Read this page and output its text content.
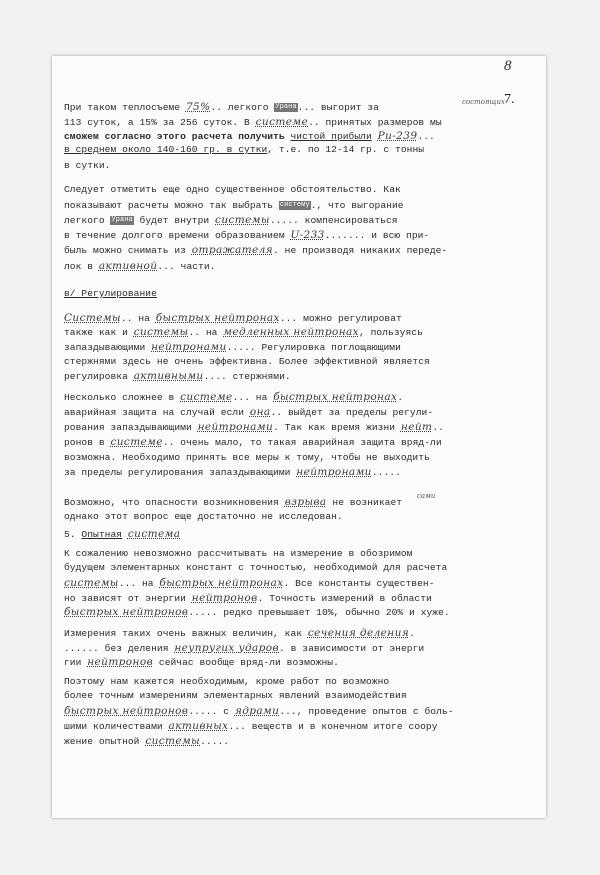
8
7.
При таком теплосъеме 75%.. легкого Урана... выгорит за
113 суток, а 15% за 256 суток. В системе.. принятых размеров мы
сможем согласно этого расчета получить чистой прибыли Pu-239...
в среднем около 140-160 гр. в сутки, т.е. по 12-14 гр. с тонны
в сутки.
Следует отметить еще одно существенное обстоятельство. Как
показывают расчеты можно так выбрать систему., что выгорание
легкого Урана будет внутри системы..... компенсироваться
в течение долгого времени образованием U-233....... и всю при-
быль можно снимать из отражателя. не производя никаких переде-
лок в активной... части.
в/ Регулирование
Системы.. на быстрых нейтронах... можно регулироват
также как и системы.. на медленных нейтронах, пользуясь
запаздывающими нейтронами..... Регулировка поглощающими
стержнями здесь не очень эффективна. Более эффективной является
регулировка активными.... стержнями.
Несколько сложнее в системе... на быстрых нейтронах.
аварийная защита на случай если она.. выйдет за пределы регули-
рования запаздывающими нейтронами. Так как время жизни нейт..
ронов в системе.. очень мало, то такая аварийная защита вряд-ли
возможна. Необходимо принять все меры к тому, чтобы не выходить
за пределы регулирования запаздывающими нейтронами.....
Возможно, что опасности возникновения взрыва не возникает
однако этот вопрос еще достаточно не исследован.
5. Опытная система
К сожалению невозможно рассчитывать на измерение в обозримом
будущем элементарных констант с точностью, необходимой для расчета
системы... на быстрых нейтронах. Все константы существен-
но зависят от энергии нейтронов. Точность измерений в области
быстрых нейтронов..... редко превышает 10%, обычно 20% и хуже.
Измерения таких очень важных величин, как сечения деления.
...... без деления неупругих ударов. в зависимости от энерги
гии нейтронов сейчас вообще вряд-ли возможны.
Поэтому нам кажется необходимым, кроме работ по возможно
более точным измерениям элементарных явлений взаимодействия
быстрых нейтронов..... с ядрами..., проведение опытов с боль-
шими количествами активных... веществ и в конечном итоге соору
жение опытной системы.....
состоящих
сами
